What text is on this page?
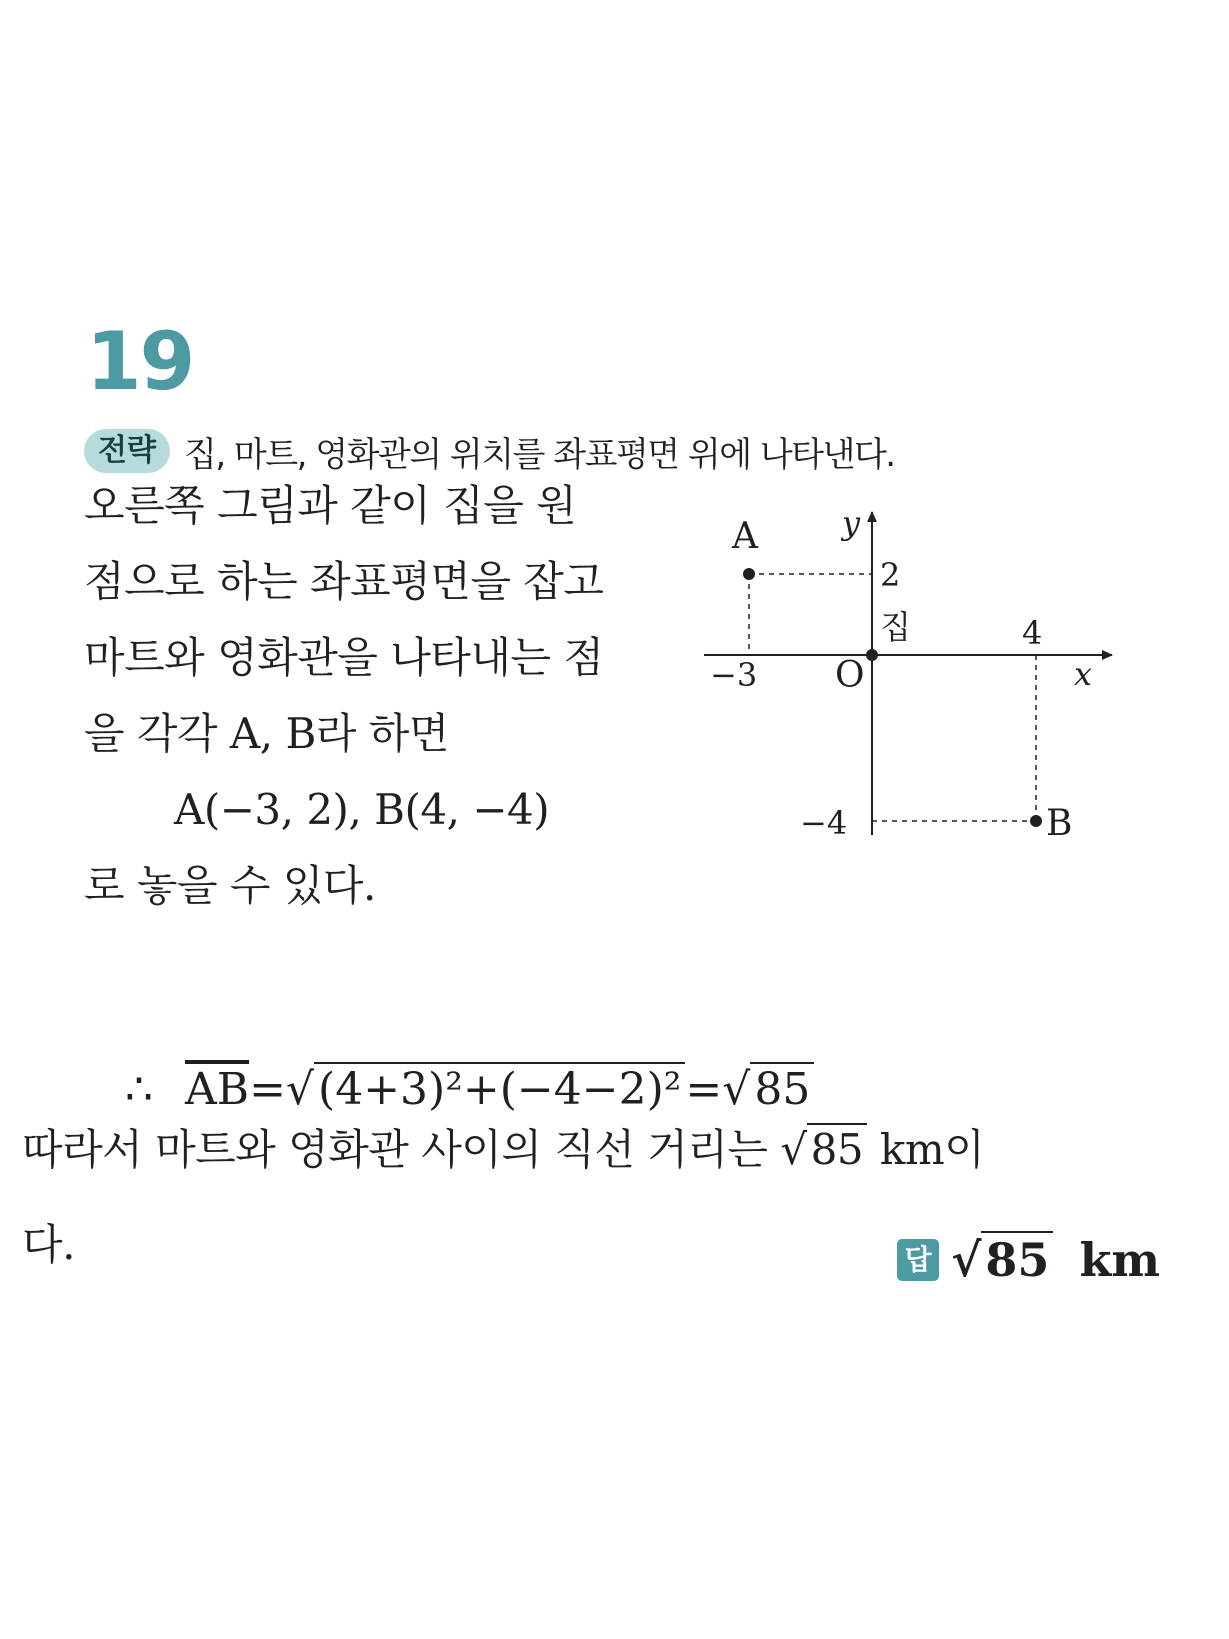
19
전략 집, 마트, 영화관의 위치를 좌표평면 위에 나타낸다.
오른쪽 그림과 같이 집을 원
점으로 하는 좌표평면을 잡고
마트와 영화관을 나타내는 점
을 각각 A, B라 하면
A(−3, 2), B(4, −4)
로 놓을 수 있다.
A
B
O
집
x
y
2
−4
−3
4
∴ $\overline{AB}=√(4+3)^2+(-4-2)^2=√85$
따라서 마트와 영화관 사이의 직선 거리는 √85 km이
다.	답 √85 km
